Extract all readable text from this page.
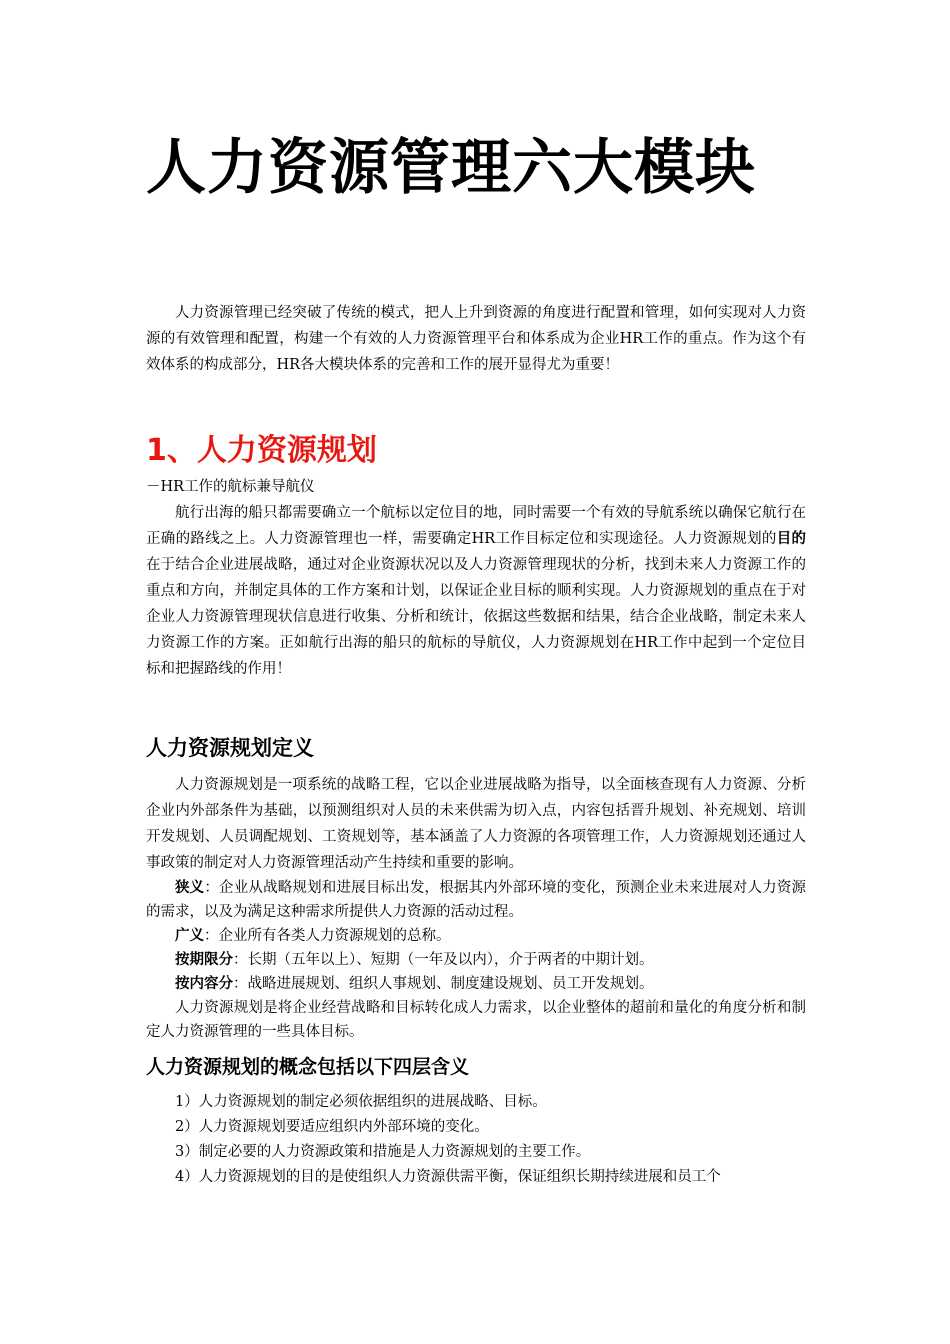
人力资源管理六大模块

人力资源管理已经突破了传统的模式，把人上升到资源的角度进行配置和管理，如何实现对人力资源的有效管理和配置，构建一个有效的人力资源管理平台和体系成为企业HR工作的重点。作为这个有效体系的构成部分，HR各大模块体系的完善和工作的展开显得尤为重要！

1、人力资源规划
－HR工作的航标兼导航仪

航行出海的船只都需要确立一个航标以定位目的地，同时需要一个有效的导航系统以确保它航行在正确的路线之上。人力资源管理也一样，需要确定HR工作目标定位和实现途径。人力资源规划的目的在于结合企业进展战略，通过对企业资源状况以及人力资源管理现状的分析，找到未来人力资源工作的重点和方向，并制定具体的工作方案和计划，以保证企业目标的顺利实现。人力资源规划的重点在于对企业人力资源管理现状信息进行收集、分析和统计，依据这些数据和结果，结合企业战略，制定未来人力资源工作的方案。正如航行出海的船只的航标的导航仪，人力资源规划在HR工作中起到一个定位目标和把握路线的作用！

人力资源规划定义

人力资源规划是一项系统的战略工程，它以企业进展战略为指导，以全面核查现有人力资源、分析企业内外部条件为基础，以预测组织对人员的未来供需为切入点，内容包括晋升规划、补充规划、培训开发规划、人员调配规划、工资规划等，基本涵盖了人力资源的各项管理工作，人力资源规划还通过人事政策的制定对人力资源管理活动产生持续和重要的影响。

狭义：企业从战略规划和进展目标出发，根据其内外部环境的变化，预测企业未来进展对人力资源的需求，以及为满足这种需求所提供人力资源的活动过程。

广义：企业所有各类人力资源规划的总称。

按期限分：长期（五年以上）、短期（一年及以内），介于两者的中期计划。

按内容分：战略进展规划、组织人事规划、制度建设规划、员工开发规划。

人力资源规划是将企业经营战略和目标转化成人力需求，以企业整体的超前和量化的角度分析和制定人力资源管理的一些具体目标。

人力资源规划的概念包括以下四层含义
1）人力资源规划的制定必须依据组织的进展战略、目标。
2）人力资源规划要适应组织内外部环境的变化。
3）制定必要的人力资源政策和措施是人力资源规划的主要工作。
4）人力资源规划的目的是使组织人力资源供需平衡，保证组织长期持续进展和员工个
